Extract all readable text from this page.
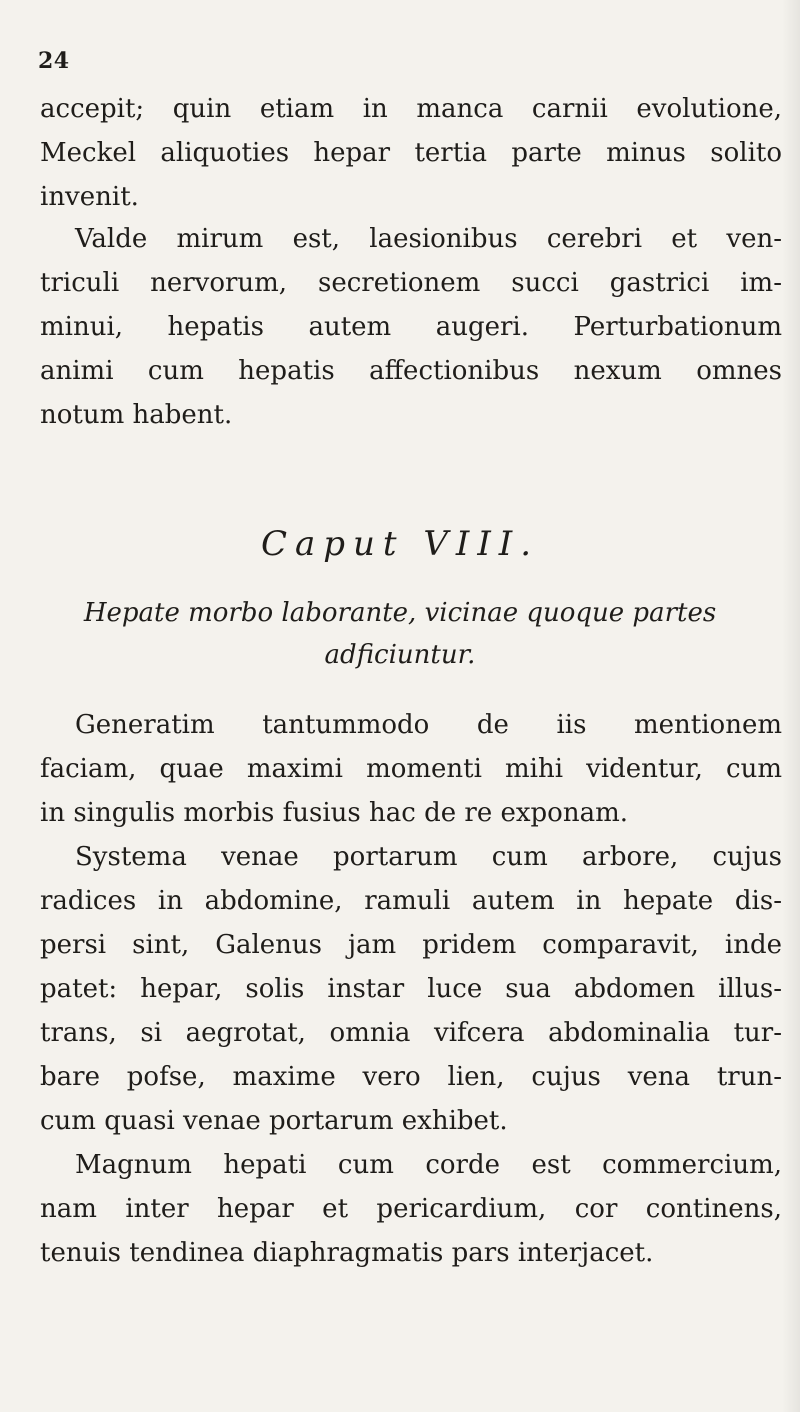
24
accepit; quin etiam in manca carnii evolutione,
Meckel aliquoties hepar tertia parte minus solito
invenit.
Valde mirum est, laesionibus cerebri et ven-
triculi nervorum, secretionem succi gastrici im-
minui, hepatis autem augeri. Perturbationum
animi cum hepatis affectionibus nexum omnes
notum habent.
Caput VIII.
Hepate morbo laborante, vicinae quoque partes
adficiuntur.
Generatim tantummodo de iis mentionem
faciam, quae maximi momenti mihi videntur, cum
in singulis morbis fusius hac de re exponam.
Systema venae portarum cum arbore, cujus
radices in abdomine, ramuli autem in hepate dis-
persi sint, Galenus jam pridem comparavit, inde
patet: hepar, solis instar luce sua abdomen illus-
trans, si aegrotat, omnia vifcera abdominalia tur-
bare pofse, maxime vero lien, cujus vena trun-
cum quasi venae portarum exhibet.
Magnum hepati cum corde est commercium,
nam inter hepar et pericardium, cor continens,
tenuis tendinea diaphragmatis pars interjacet.
